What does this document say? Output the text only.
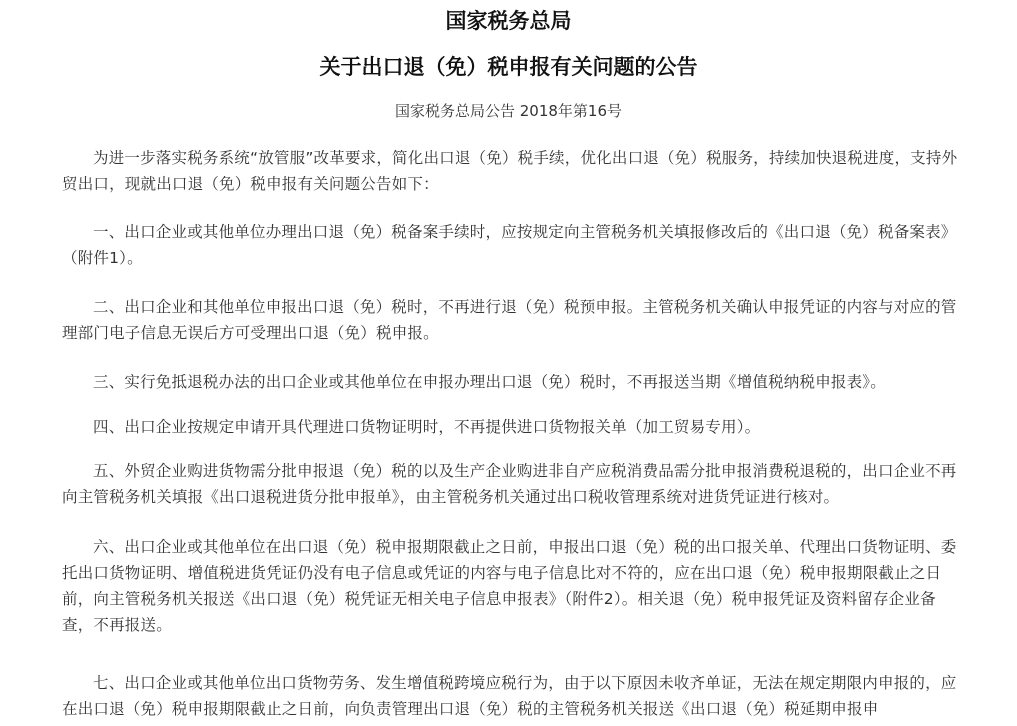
国家税务总局
关于出口退（免）税申报有关问题的公告
国家税务总局公告 2018年第16号

为进一步落实税务系统“放管服”改革要求，简化出口退（免）税手续，优化出口退（免）税服务，持续加快退税进度，支持外贸出口，现就出口退（免）税申报有关问题公告如下：

一、出口企业或其他单位办理出口退（免）税备案手续时，应按规定向主管税务机关填报修改后的《出口退（免）税备案表》（附件1）。

二、出口企业和其他单位申报出口退（免）税时，不再进行退（免）税预申报。主管税务机关确认申报凭证的内容与对应的管理部门电子信息无误后方可受理出口退（免）税申报。

三、实行免抵退税办法的出口企业或其他单位在申报办理出口退（免）税时，不再报送当期《增值税纳税申报表》。

四、出口企业按规定申请开具代理进口货物证明时，不再提供进口货物报关单（加工贸易专用）。

五、外贸企业购进货物需分批申报退（免）税的以及生产企业购进非自产应税消费品需分批申报消费税退税的，出口企业不再向主管税务机关填报《出口退税进货分批申报单》，由主管税务机关通过出口税收管理系统对进货凭证进行核对。

六、出口企业或其他单位在出口退（免）税申报期限截止之日前，申报出口退（免）税的出口报关单、代理出口货物证明、委托出口货物证明、增值税进货凭证仍没有电子信息或凭证的内容与电子信息比对不符的，应在出口退（免）税申报期限截止之日前，向主管税务机关报送《出口退（免）税凭证无相关电子信息申报表》（附件2）。相关退（免）税申报凭证及资料留存企业备查，不再报送。

七、出口企业或其他单位出口货物劳务、发生增值税跨境应税行为，由于以下原因未收齐单证，无法在规定期限内申报的，应在出口退（免）税申报期限截止之日前，向负责管理出口退（免）税的主管税务机关报送《出口退（免）税延期申报申
